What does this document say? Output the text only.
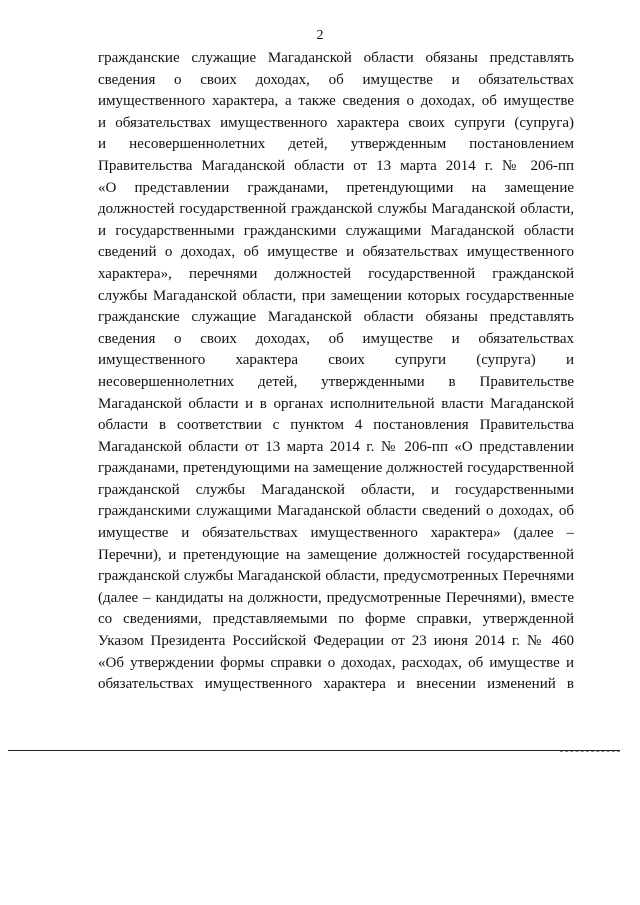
2
гражданские служащие Магаданской области обязаны представлять
сведения о своих доходах, об имуществе и обязательствах
имущественного характера, а также сведения о доходах, об имуществе
и обязательствах имущественного характера своих супруги (супруга)
и несовершеннолетних детей, утвержденным постановлением
Правительства Магаданской области от 13 марта 2014 г. № 206-пп
«О представлении гражданами, претендующими на замещение
должностей государственной гражданской службы Магаданской области,
и государственными гражданскими служащими Магаданской области
сведений о доходах, об имуществе и обязательствах имущественного
характера», перечнями должностей государственной гражданской
службы Магаданской области, при замещении которых государственные
гражданские служащие Магаданской области обязаны представлять
сведения о своих доходах, об имуществе и обязательствах
имущественного характера своих супруги (супруга) и
несовершеннолетних детей, утвержденными в Правительстве
Магаданской области и в органах исполнительной власти Магаданской
области в соответствии с пунктом 4 постановления Правительства
Магаданской области от 13 марта 2014 г. № 206-пп «О представлении
гражданами, претендующими на замещение должностей государственной
гражданской службы Магаданской области, и государственными
гражданскими служащими Магаданской области сведений о доходах, об
имуществе и обязательствах имущественного характера» (далее –
Перечни), и претендующие на замещение должностей государственной
гражданской службы Магаданской области, предусмотренных Перечнями
(далее – кандидаты на должности, предусмотренные Перечнями), вместе
со сведениями, представляемыми по форме справки, утвержденной
Указом Президента Российской Федерации от 23 июня 2014 г. № 460
«Об утверждении формы справки о доходах, расходах, об имуществе и
обязательствах имущественного характера и внесении изменений в
